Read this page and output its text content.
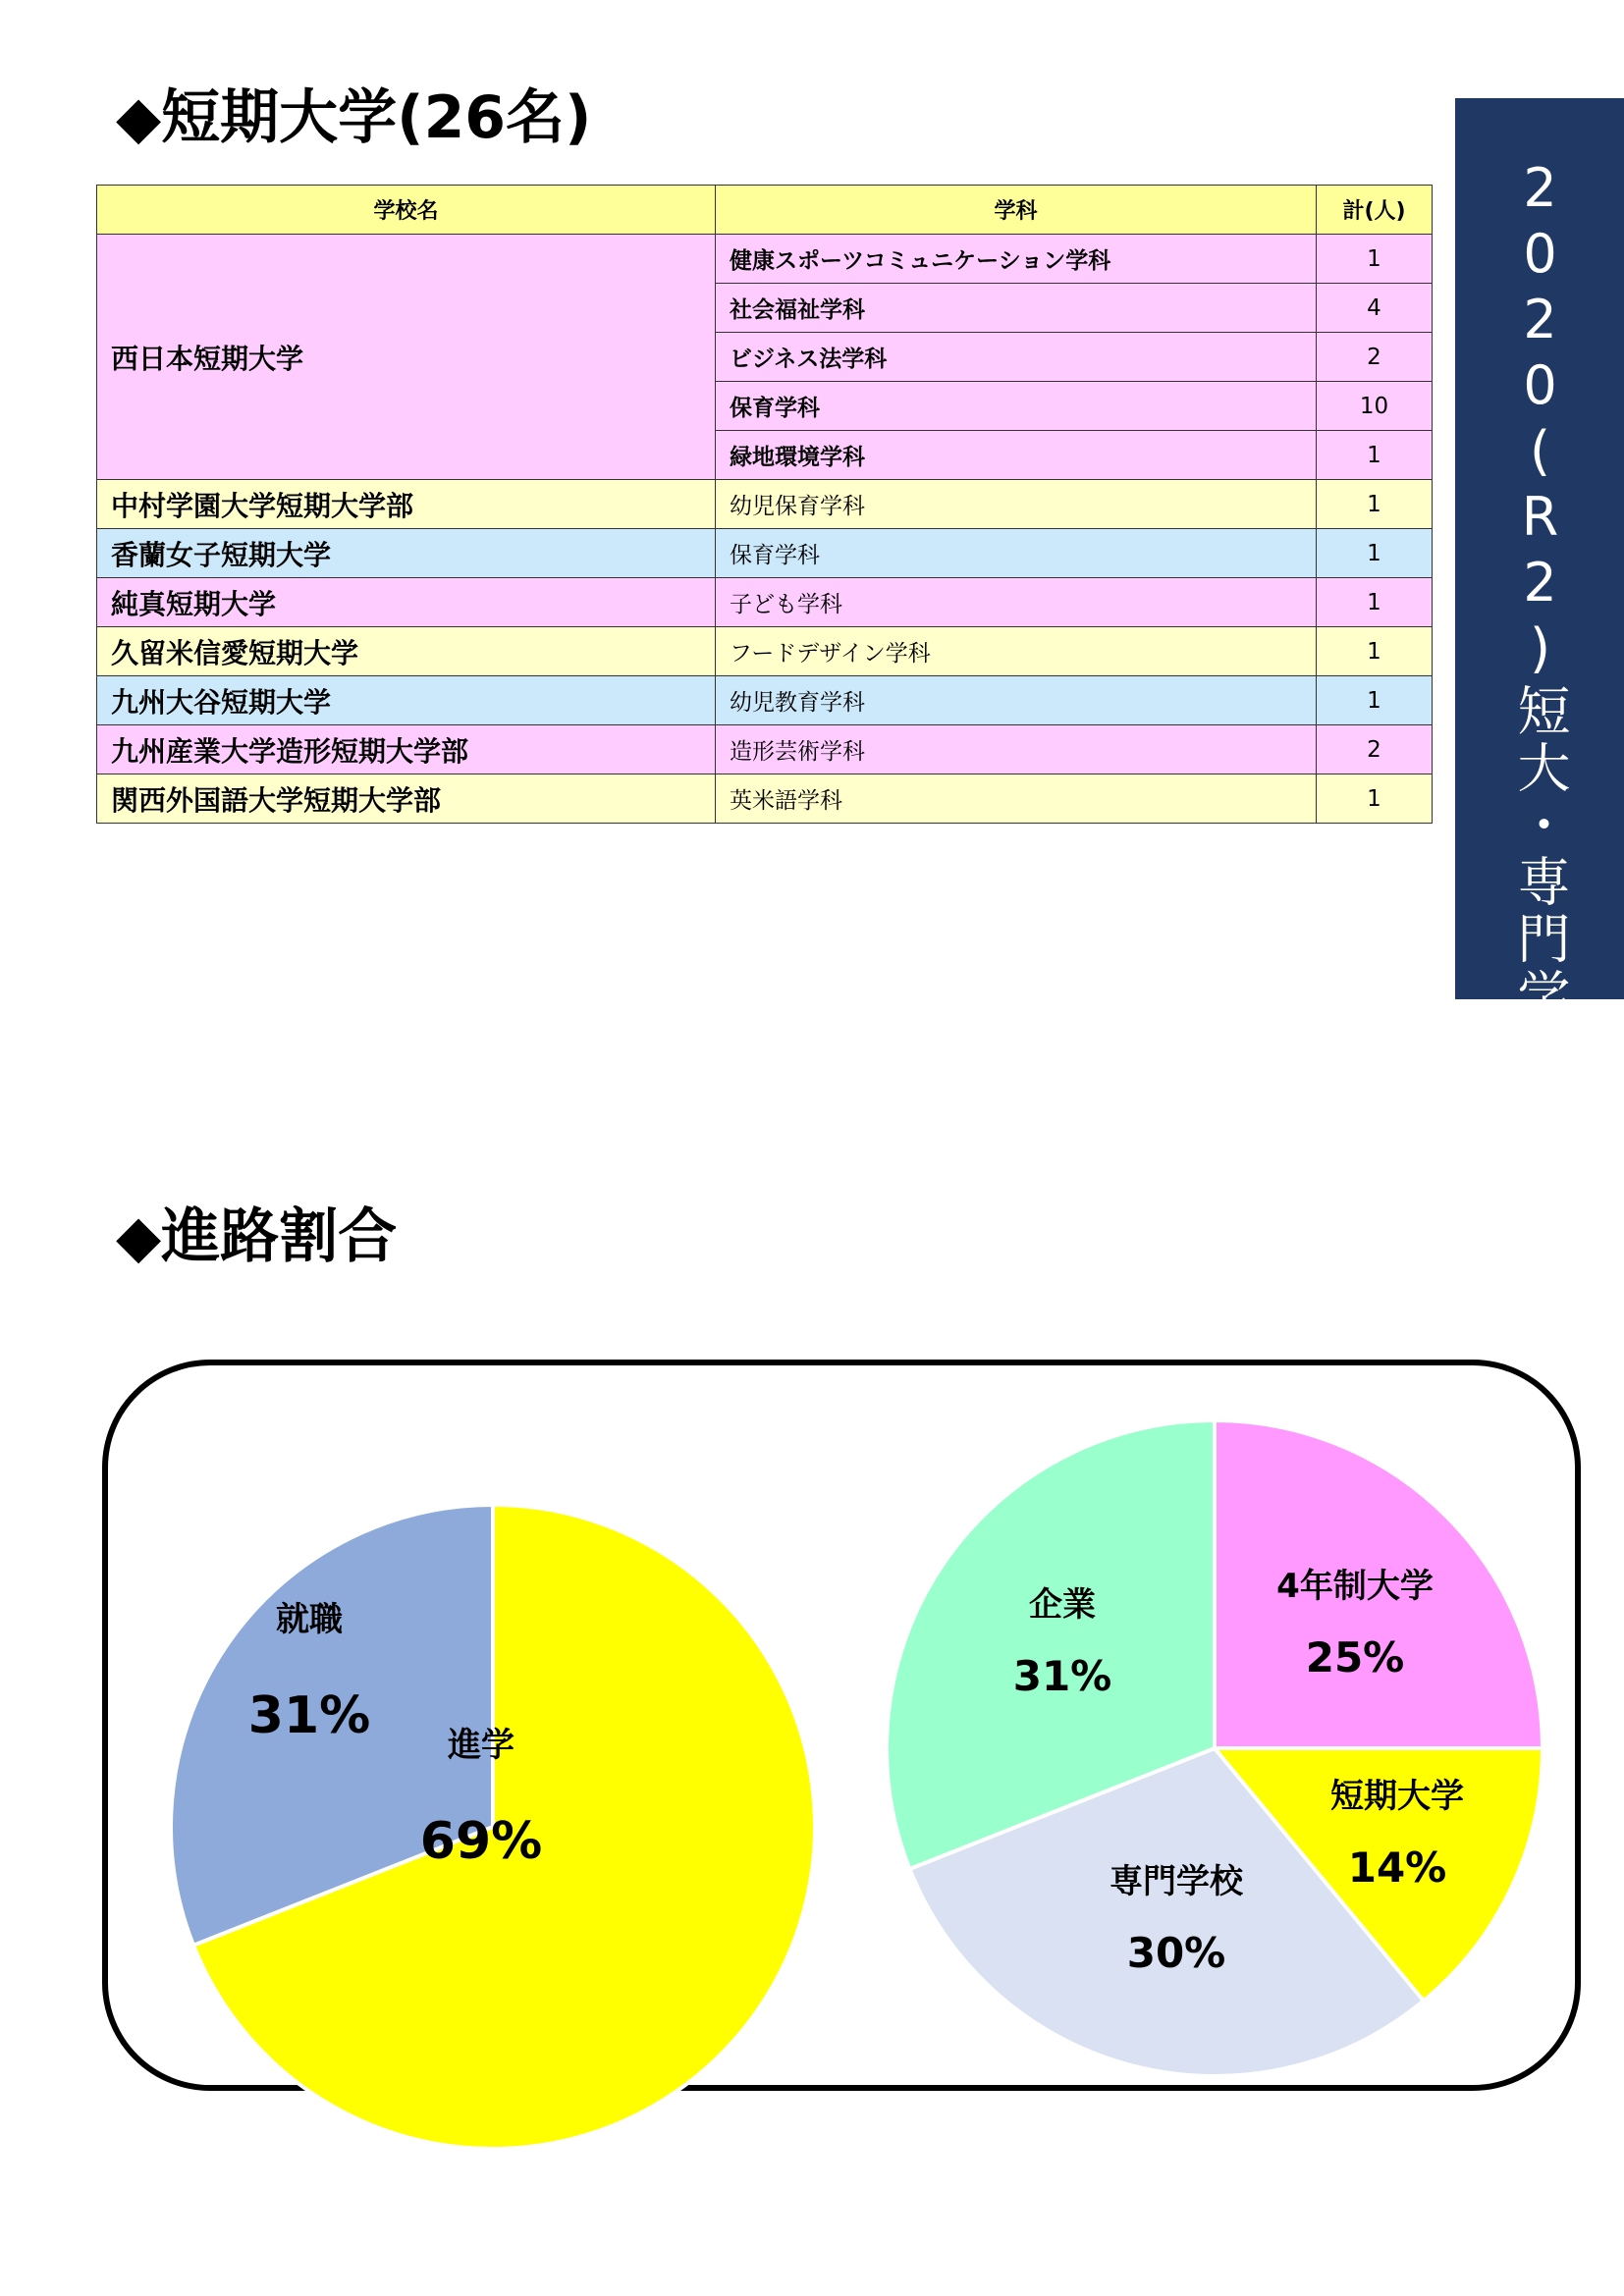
◆短期大学(26名)
2020(R2)短大・専門学校進学
学校名	学科	計(人)
西日本短期大学	健康スポーツコミュニケーション学科	1
	社会福祉学科	4
	ビジネス法学科	2
	保育学科	10
	緑地環境学科	1
中村学園大学短期大学部	幼児保育学科	1
香蘭女子短期大学	保育学科	1
純真短期大学	子ども学科	1
久留米信愛短期大学	フードデザイン学科	1
九州大谷短期大学	幼児教育学科	1
九州産業大学造形短期大学部	造形芸術学科	2
関西外国語大学短期大学部	英米語学科	1
◆進路割合
進学
69%
就職
31%
4年制大学
25%
短期大学
14%
専門学校
30%
企業
31%
